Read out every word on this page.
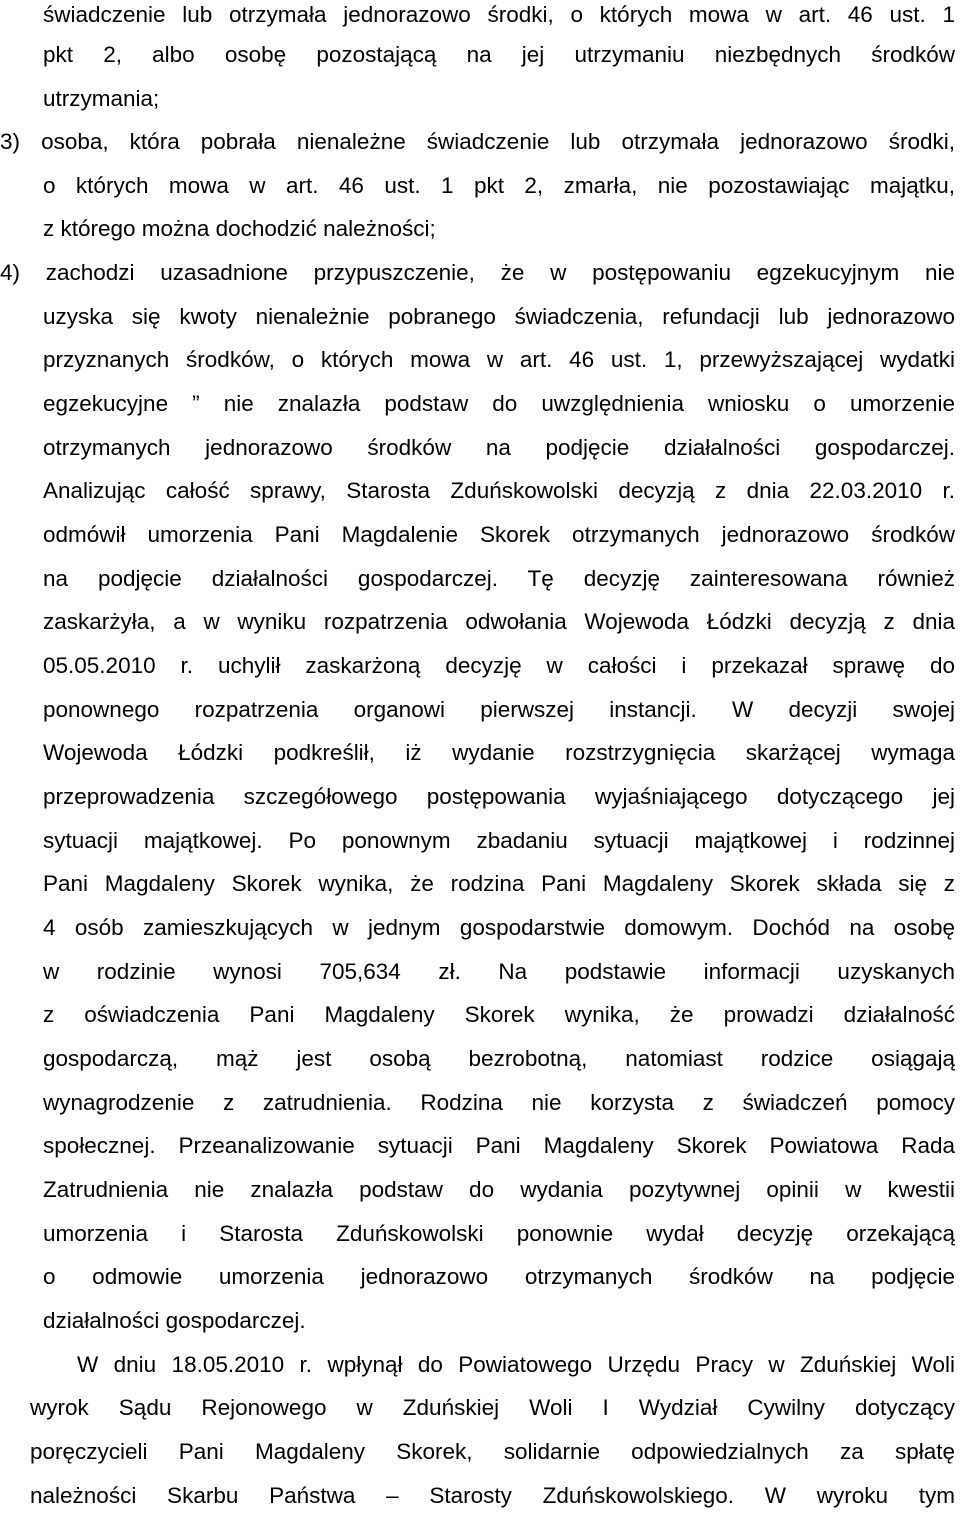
świadczenie lub otrzymała jednorazowo środki, o których mowa w art. 46 ust. 1
pkt 2, albo osobę pozostającą na jej utrzymaniu niezbędnych środków
utrzymania;
3) osoba, która pobrała nienależne świadczenie lub otrzymała jednorazowo środki,
o których mowa w art. 46 ust. 1 pkt 2, zmarła, nie pozostawiając majątku,
z którego można dochodzić należności;
4) zachodzi uzasadnione przypuszczenie, że w postępowaniu egzekucyjnym nie
uzyska się kwoty nienależnie pobranego świadczenia, refundacji lub jednorazowo
przyznanych środków, o których mowa w art. 46 ust. 1, przewyższającej wydatki
egzekucyjne ” nie znalazła podstaw do uwzględnienia wniosku o umorzenie
otrzymanych jednorazowo środków na podjęcie działalności gospodarczej.
Analizując całość sprawy, Starosta Zduńskowolski decyzją z dnia 22.03.2010 r.
odmówił umorzenia Pani Magdalenie Skorek otrzymanych jednorazowo środków
na podjęcie działalności gospodarczej. Tę decyzję zainteresowana również
zaskarżyła, a w wyniku rozpatrzenia odwołania Wojewoda Łódzki decyzją z dnia
05.05.2010 r. uchylił zaskarżoną decyzję w całości i przekazał sprawę do
ponownego rozpatrzenia organowi pierwszej instancji. W decyzji swojej
Wojewoda Łódzki podkreślił, iż wydanie rozstrzygnięcia skarżącej wymaga
przeprowadzenia szczegółowego postępowania wyjaśniającego dotyczącego jej
sytuacji majątkowej. Po ponownym zbadaniu sytuacji majątkowej i rodzinnej
Pani Magdaleny Skorek wynika, że rodzina Pani Magdaleny Skorek składa się z
4 osób zamieszkujących w jednym gospodarstwie domowym. Dochód na osobę
w rodzinie wynosi 705,634 zł. Na podstawie informacji uzyskanych
z oświadczenia Pani Magdaleny Skorek wynika, że prowadzi działalność
gospodarczą, mąż jest osobą bezrobotną, natomiast rodzice osiągają
wynagrodzenie z zatrudnienia. Rodzina nie korzysta z świadczeń pomocy
społecznej. Przeanalizowanie sytuacji Pani Magdaleny Skorek Powiatowa Rada
Zatrudnienia nie znalazła podstaw do wydania pozytywnej opinii w kwestii
umorzenia i Starosta Zduńskowolski ponownie wydał decyzję orzekającą
o odmowie umorzenia jednorazowo otrzymanych środków na podjęcie
działalności gospodarczej.
W dniu 18.05.2010 r. wpłynął do Powiatowego Urzędu Pracy w Zduńskiej Woli
wyrok Sądu Rejonowego w Zduńskiej Woli I Wydział Cywilny dotyczący
poręczycieli Pani Magdaleny Skorek, solidarnie odpowiedzialnych za spłatę
należności Skarbu Państwa – Starosty Zduńskowolskiego. W wyroku tym
